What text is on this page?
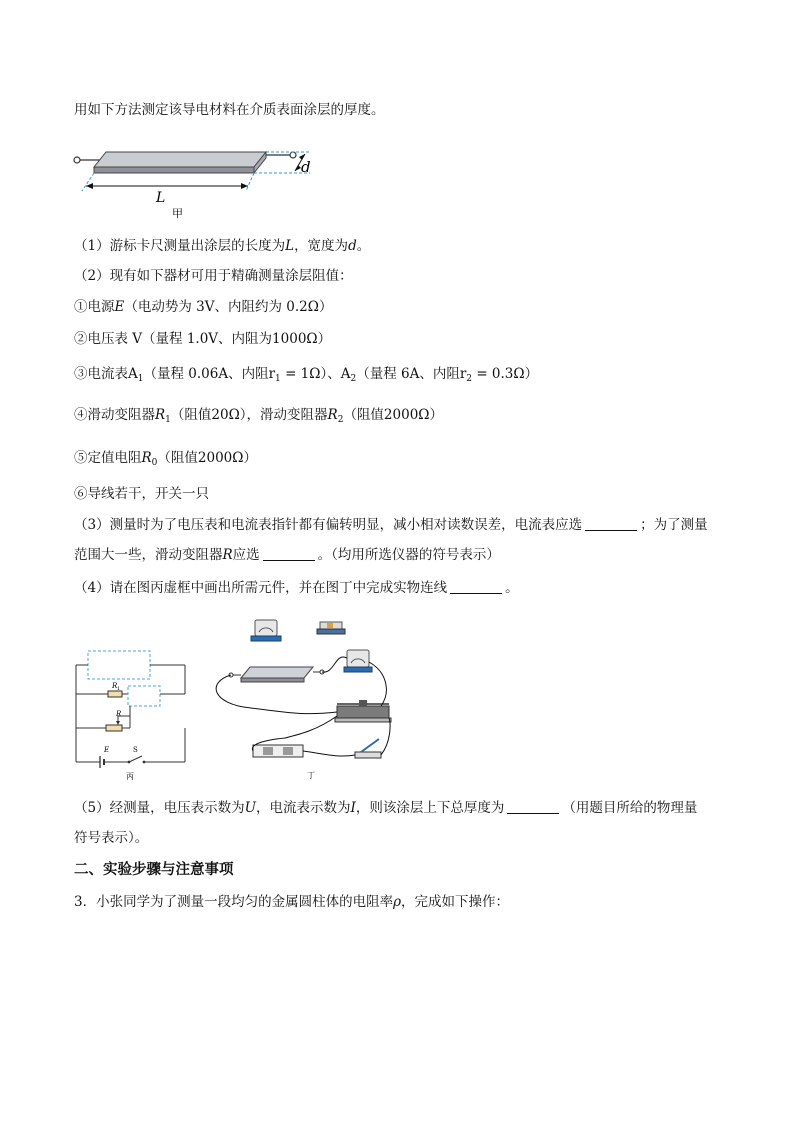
用如下方法测定该导电材料在介质表面涂层的厚度。
L
d
甲
（1）游标卡尺测量出涂层的长度为L，宽度为d。
（2）现有如下器材可用于精确测量涂层阻值：
①电源E（电动势为 3V、内阻约为 0.2Ω）
②电压表 V（量程 1.0V、内阻为1000Ω）
③电流表$A_1$（量程 0.06A、内阻$r_1 = 1\Omega$）、$A_2$（量程 6A、内阻$r_2 = 0.3\Omega$）
④滑动变阻器$R_1$（阻值20Ω），滑动变阻器$R_2$（阻值2000Ω）
⑤定值电阻$R_0$（阻值2000Ω）
⑥导线若干，开关一只
（3）测量时为了电压表和电流表指针都有偏转明显，减小相对读数误差，电流表应选	；为了测量
范围大一些，滑动变阻器R应选	。（均用所选仪器的符号表示）
（4）请在图丙虚框中画出所需元件，并在图丁中完成实物连线	。
R 1
R
E	S
丙	丁
（5）经测量，电压表示数为U，电流表示数为I，则该涂层上下总厚度为	（用题目所给的物理量
符号表示）。
二、实验步骤与注意事项
3．小张同学为了测量一段均匀的金属圆柱体的电阻率ρ，完成如下操作：
